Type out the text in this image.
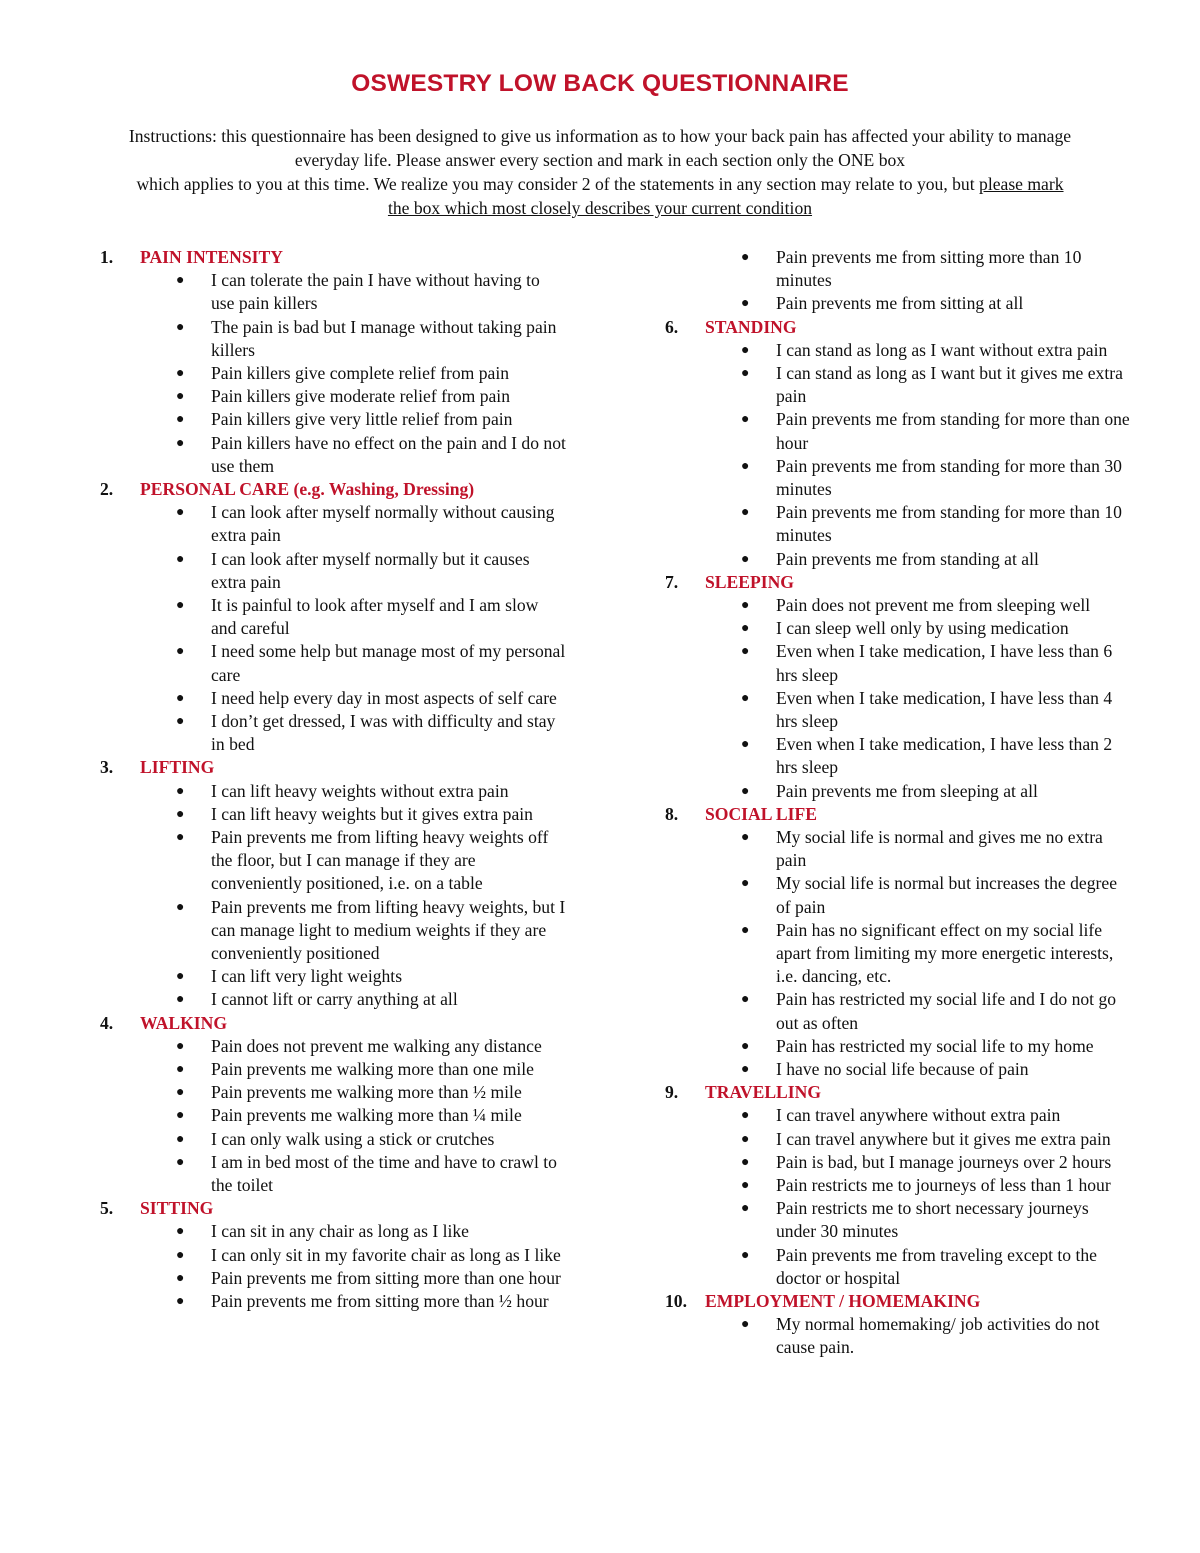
OSWESTRY LOW BACK QUESTIONNAIRE
Instructions: this questionnaire has been designed to give us information as to how your back pain has affected your ability to manage
everyday life. Please answer every section and mark in each section only the ONE box
which applies to you at this time. We realize you may consider 2 of the statements in any section may relate to you, but please mark
the box which most closely describes your current condition
1.	PAIN INTENSITY
● I can tolerate the pain I have without having to use pain killers
● The pain is bad but I manage without taking pain killers
● Pain killers give complete relief from pain
● Pain killers give moderate relief from pain
● Pain killers give very little relief from pain
● Pain killers have no effect on the pain and I do not use them
2.	PERSONAL CARE (e.g. Washing, Dressing)
● I can look after myself normally without causing extra pain
● I can look after myself normally but it causes extra pain
● It is painful to look after myself and I am slow and careful
● I need some help but manage most of my personal care
● I need help every day in most aspects of self care
● I don’t get dressed, I was with difficulty and stay in bed
3.	LIFTING
● I can lift heavy weights without extra pain
● I can lift heavy weights but it gives extra pain
● Pain prevents me from lifting heavy weights off the floor, but I can manage if they are conveniently positioned, i.e. on a table
● Pain prevents me from lifting heavy weights, but I can manage light to medium weights if they are conveniently positioned
● I can lift very light weights
● I cannot lift or carry anything at all
4.	WALKING
● Pain does not prevent me walking any distance
● Pain prevents me walking more than one mile
● Pain prevents me walking more than ½ mile
● Pain prevents me walking more than ¼ mile
● I can only walk using a stick or crutches
● I am in bed most of the time and have to crawl to the toilet
5.	SITTING
● I can sit in any chair as long as I like
● I can only sit in my favorite chair as long as I like
● Pain prevents me from sitting more than one hour
● Pain prevents me from sitting more than ½ hour
● Pain prevents me from sitting more than 10 minutes
● Pain prevents me from sitting at all
6.	STANDING
● I can stand as long as I want without extra pain
● I can stand as long as I want but it gives me extra pain
● Pain prevents me from standing for more than one hour
● Pain prevents me from standing for more than 30 minutes
● Pain prevents me from standing for more than 10 minutes
● Pain prevents me from standing at all
7.	SLEEPING
● Pain does not prevent me from sleeping well
● I can sleep well only by using medication
● Even when I take medication, I have less than 6 hrs sleep
● Even when I take medication, I have less than 4 hrs sleep
● Even when I take medication, I have less than 2 hrs sleep
● Pain prevents me from sleeping at all
8.	SOCIAL LIFE
● My social life is normal and gives me no extra pain
● My social life is normal but increases the degree of pain
● Pain has no significant effect on my social life apart from limiting my more energetic interests, i.e. dancing, etc.
● Pain has restricted my social life and I do not go out as often
● Pain has restricted my social life to my home
● I have no social life because of pain
9.	TRAVELLING
● I can travel anywhere without extra pain
● I can travel anywhere but it gives me extra pain
● Pain is bad, but I manage journeys over 2 hours
● Pain restricts me to journeys of less than 1 hour
● Pain restricts me to short necessary journeys under 30 minutes
● Pain prevents me from traveling except to the doctor or hospital
10.	EMPLOYMENT / HOMEMAKING
● My normal homemaking/ job activities do not cause pain.
